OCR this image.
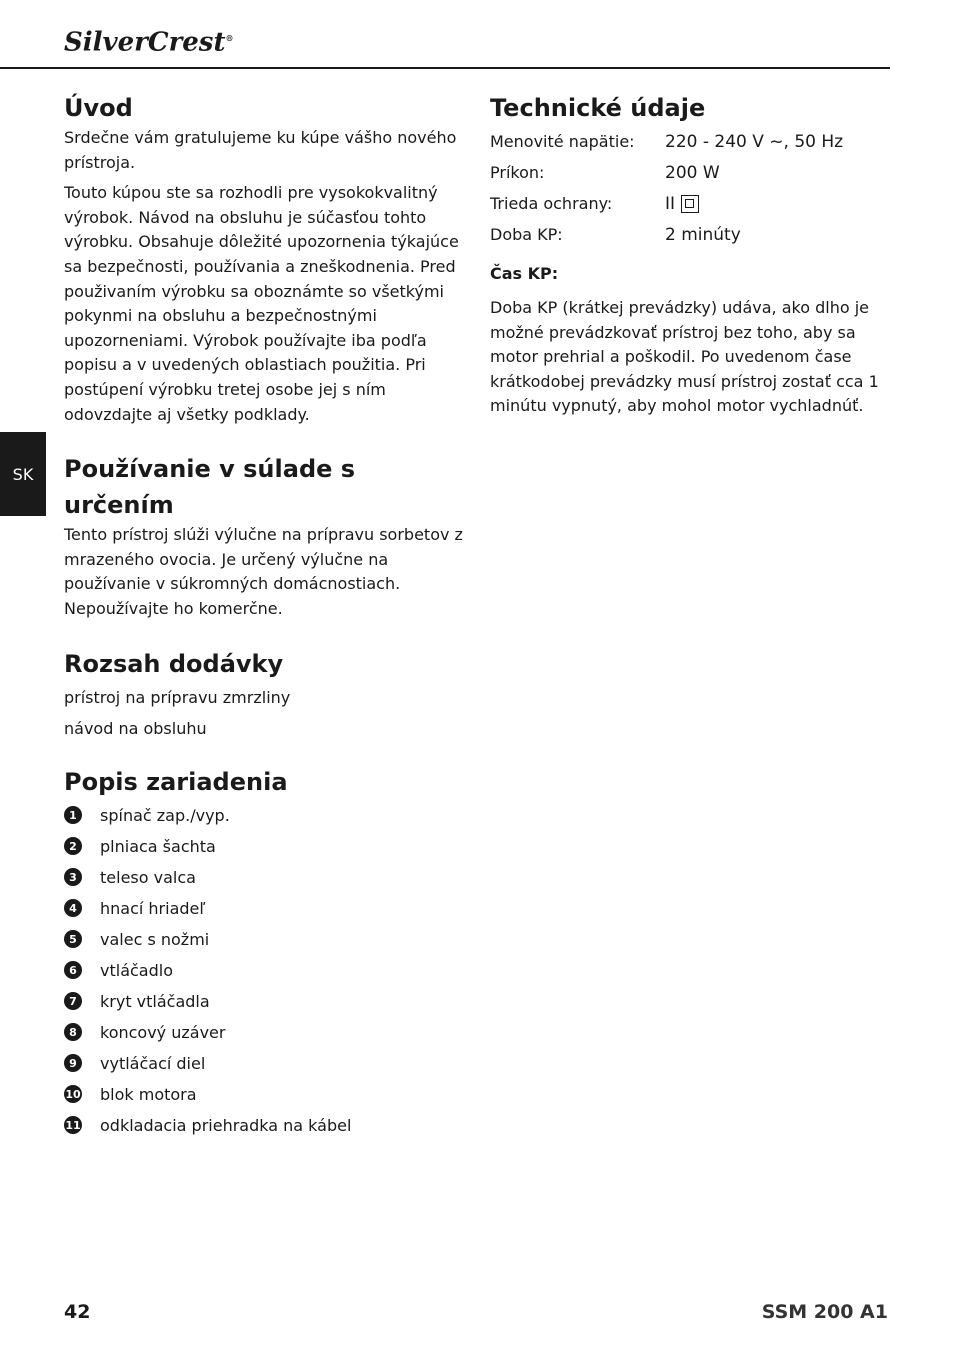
SilverCrest®
SK
Úvod

Srdečne vám gratulujeme ku kúpe vášho nového prístroja.

Touto kúpou ste sa rozhodli pre vysokokvalitný výrobok. Návod na obsluhu je súčasťou tohto výrobku. Obsahuje dôležité upozornenia týkajúce sa bezpečnosti, používania a zneškodnenia. Pred použivaním výrobku sa oboznámte so všetkými pokynmi na obsluhu a bezpečnostnými upozorneniami. Výrobok používajte iba podľa popisu a v uvedených oblastiach použitia. Pri postúpení výrobku tretej osobe jej s ním odovzdajte aj všetky podklady.

Používanie v súlade s určením

Tento prístroj slúži výlučne na prípravu sorbetov z mrazeného ovocia. Je určený výlučne na používanie v súkromných domácnostiach. Nepoužívajte ho komerčne.

Rozsah dodávky
prístroj na prípravu zmrzliny
návod na obsluhu
Popis zariadenia
1	spínač zap./vyp.
2	plniaca šachta
3	teleso valca
4	hnací hriadeľ
5	valec s nožmi
6	vtláčadlo
7	kryt vtláčadla
8	koncový uzáver
9	vytláčací diel
10 blok motora
11 odkladacia priehradka na kábel
Technické údaje
Menovité napätie:	220 - 240 V ~, 50 Hz
Príkon:	200 W
Trieda ochrany:	II
Doba KP:	2 minúty
Čas KP:

Doba KP (krátkej prevádzky) udáva, ako dlho je možné prevádzkovať prístroj bez toho, aby sa motor prehrial a poškodil. Po uvedenom čase krátkodobej prevádzky musí prístroj zostať cca 1 minútu vypnutý, aby mohol motor vychladnúť.

42	SSM 200 A1
